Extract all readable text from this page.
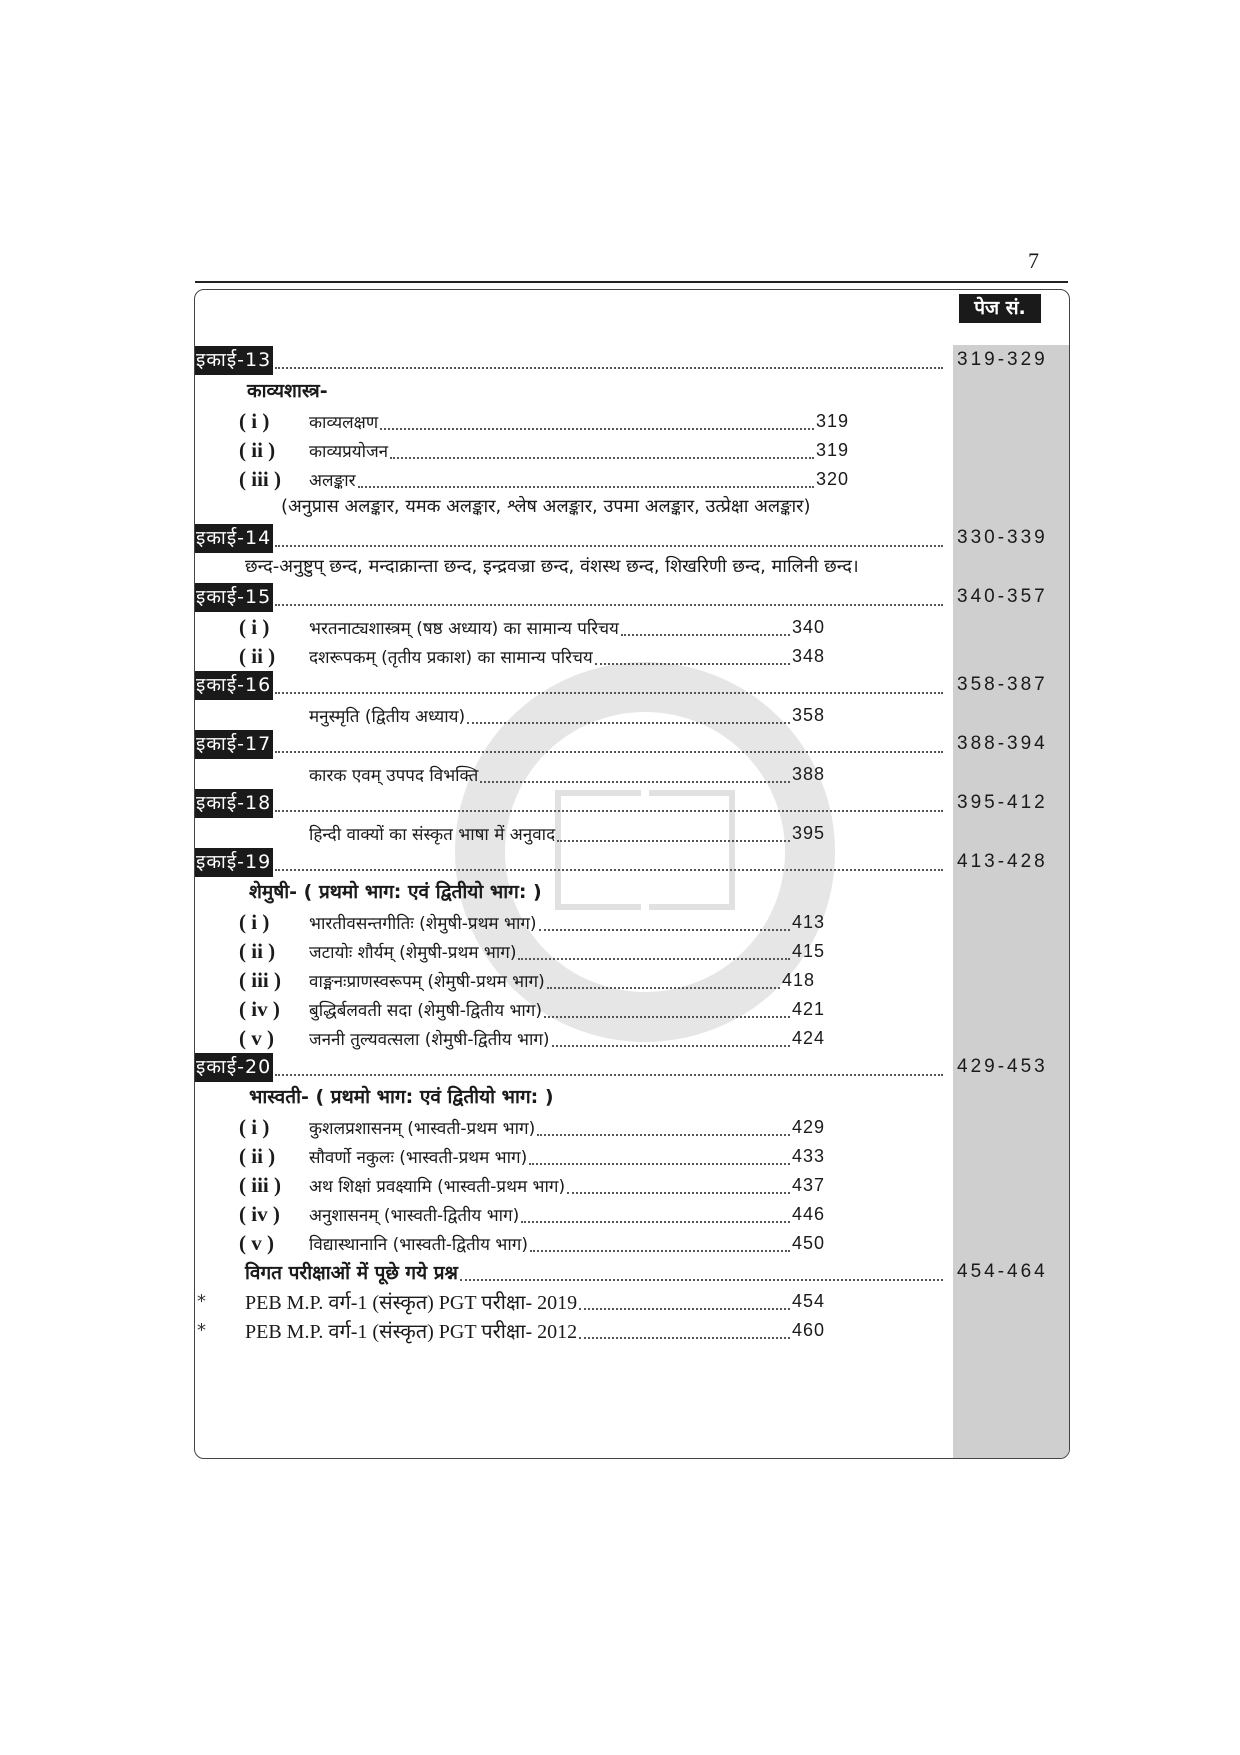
7
पेज सं.
इकाई-13	319-329
काव्यशास्त्र-
( i )	काव्यलक्षण	319
( ii )	काव्यप्रयोजन	319
( iii )	अलङ्कार	320
(अनुप्रास अलङ्कार, यमक अलङ्कार, श्लेष अलङ्कार, उपमा अलङ्कार, उत्प्रेक्षा अलङ्कार)
इकाई-14	330-339
छन्द-अनुष्टुप् छन्द, मन्दाक्रान्ता छन्द, इन्द्रवज्रा छन्द, वंशस्थ छन्द, शिखरिणी छन्द, मालिनी छन्द।
इकाई-15	340-357
( i )	भरतनाट्यशास्त्रम् (षष्ठ अध्याय) का सामान्य परिचय	340
( ii )	दशरूपकम् (तृतीय प्रकाश) का सामान्य परिचय	348
इकाई-16	358-387
मनुस्मृति (द्वितीय अध्याय)	358
इकाई-17	388-394
कारक एवम् उपपद विभक्ति	388
इकाई-18	395-412
हिन्दी वाक्यों का संस्कृत भाषा में अनुवाद	395
इकाई-19	413-428
शेमुषी- ( प्रथमो भाग: एवं द्वितीयो भाग: )
( i )	भारतीवसन्तगीतिः (शेमुषी-प्रथम भाग)	413
( ii )	जटायोः शौर्यम् (शेमुषी-प्रथम भाग)	415
( iii )	वाङ्मनःप्राणस्वरूपम् (शेमुषी-प्रथम भाग)	418
( iv )	बुद्धिर्बलवती सदा (शेमुषी-द्वितीय भाग)	421
( v )	जननी तुल्यवत्सला (शेमुषी-द्वितीय भाग)	424
इकाई-20	429-453
भास्वती- ( प्रथमो भाग: एवं द्वितीयो भाग: )
( i )	कुशलप्रशासनम् (भास्वती-प्रथम भाग)	429
( ii )	सौवर्णो नकुलः (भास्वती-प्रथम भाग)	433
( iii )	अथ शिक्षां प्रवक्ष्यामि (भास्वती-प्रथम भाग)	437
( iv )	अनुशासनम् (भास्वती-द्वितीय भाग)	446
( v )	विद्यास्थानानि (भास्वती-द्वितीय भाग)	450
विगत परीक्षाओं में पूछे गये प्रश्न	454-464
* PEB M.P. वर्ग-1 (संस्कृत) PGT परीक्षा- 2019	454
* PEB M.P. वर्ग-1 (संस्कृत) PGT परीक्षा- 2012	460
